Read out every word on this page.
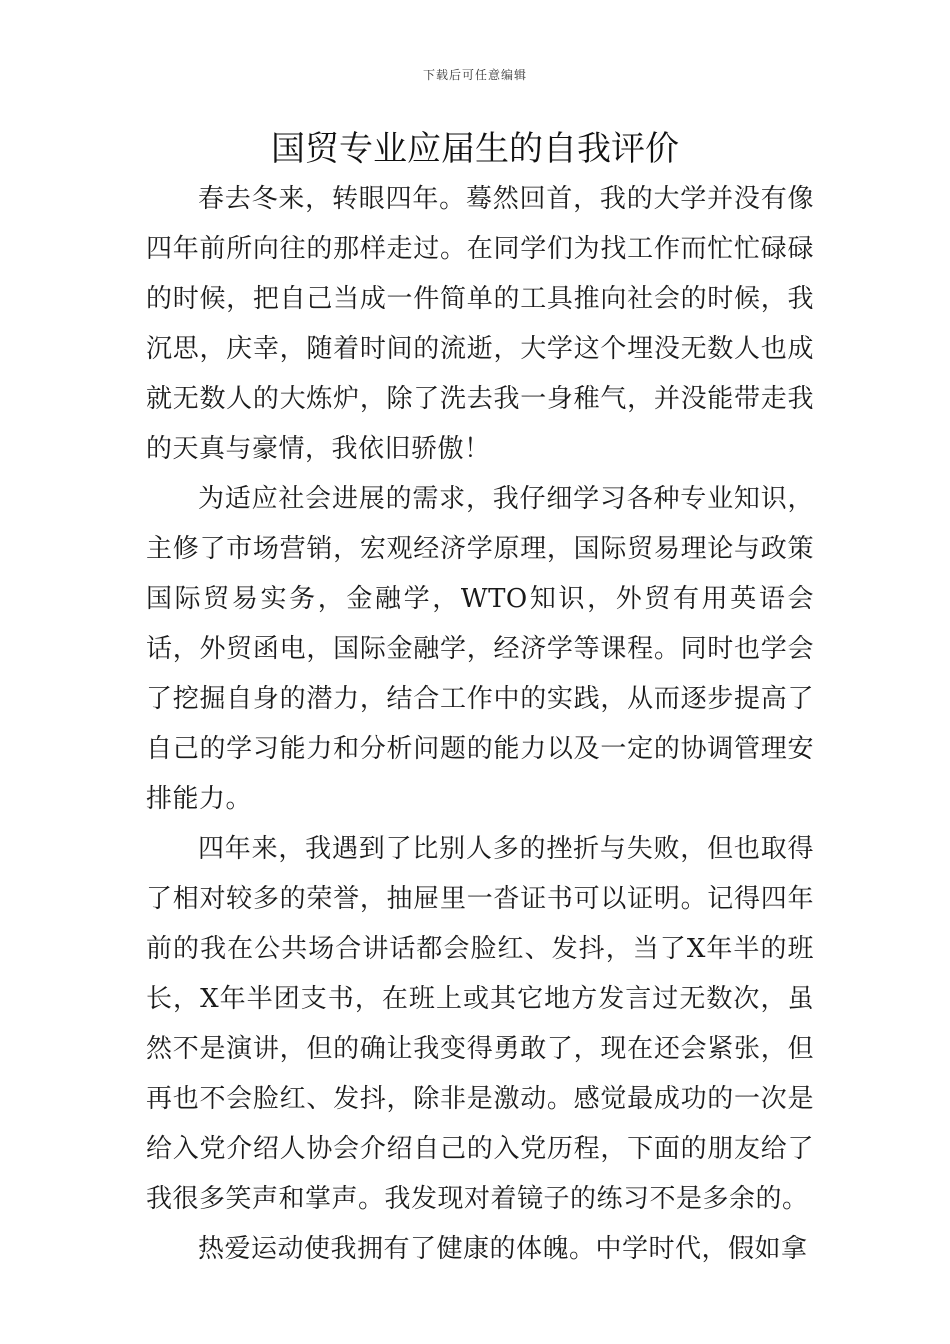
下载后可任意编辑
国贸专业应届生的自我评价

春去冬来，转眼四年。蓦然回首，我的大学并没有像四年前所向往的那样走过。在同学们为找工作而忙忙碌碌的时候，把自己当成一件简单的工具推向社会的时候，我沉思，庆幸，随着时间的流逝，大学这个埋没无数人也成就无数人的大炼炉，除了洗去我一身稚气，并没能带走我的天真与豪情，我依旧骄傲！

为适应社会进展的需求，我仔细学习各种专业知识，主修了市场营销，宏观经济学原理，国际贸易理论与政策国际贸易实务，金融学，WTO知识，外贸有用英语会话，外贸函电，国际金融学，经济学等课程。同时也学会了挖掘自身的潜力，结合工作中的实践，从而逐步提高了自己的学习能力和分析问题的能力以及一定的协调管理安排能力。

四年来，我遇到了比别人多的挫折与失败，但也取得了相对较多的荣誉，抽屉里一沓证书可以证明。记得四年前的我在公共场合讲话都会脸红、发抖，当了X年半的班长，X年半团支书，在班上或其它地方发言过无数次，虽然不是演讲，但的确让我变得勇敢了，现在还会紧张，但再也不会脸红、发抖，除非是激动。感觉最成功的一次是给入党介绍人协会介绍自己的入党历程，下面的朋友给了我很多笑声和掌声。我发现对着镜子的练习不是多余的。

热爱运动使我拥有了健康的体魄。中学时代，假如拿
